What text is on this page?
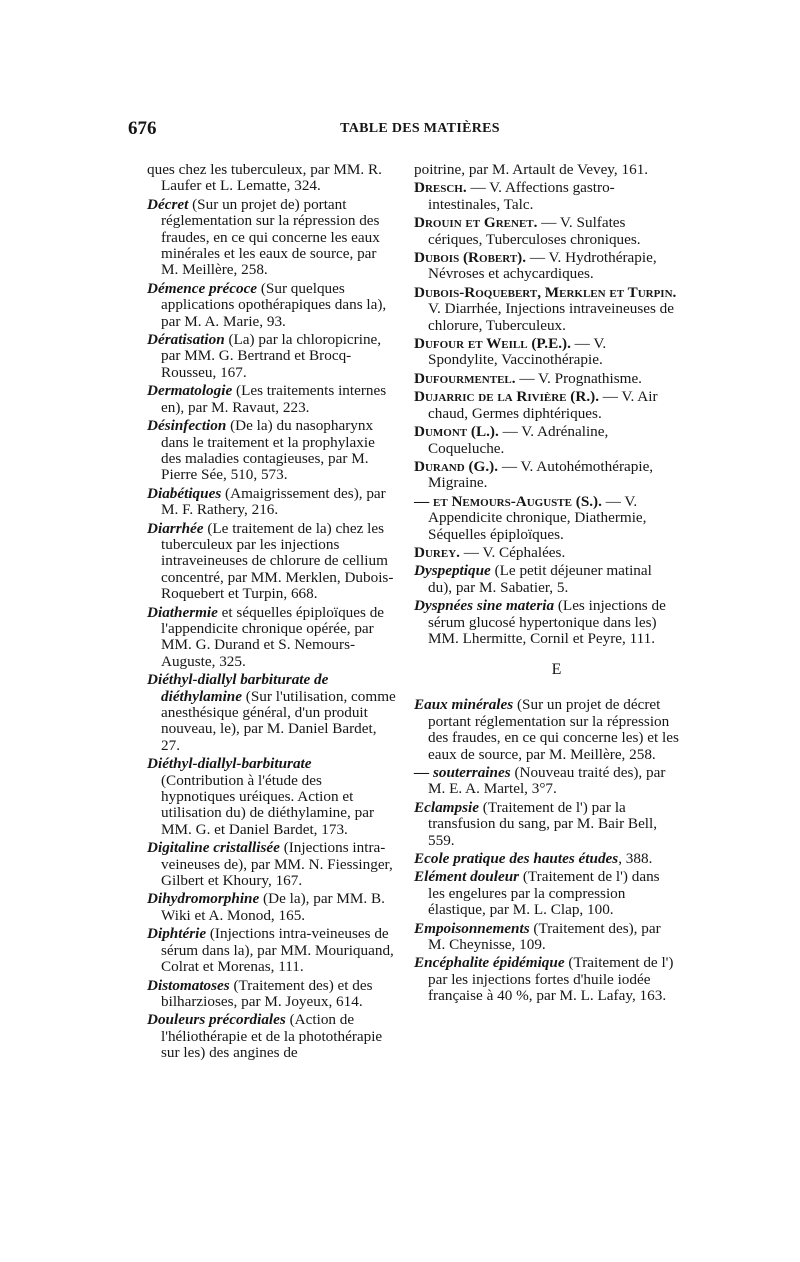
676	TABLE DES MATIÈRES
ques chez les tuberculeux, par MM. R. Laufer et L. Lematte, 324.
Décret (Sur un projet de) portant réglementation sur la répression des fraudes, en ce qui concerne les eaux minérales et les eaux de source, par M. Meillère, 258.
Démence précoce (Sur quelques applications opothérapiques dans la), par M. A. Marie, 93.
Dératisation (La) par la chloropicrine, par MM. G. Bertrand et Brocq-Rousseu, 167.
Dermatologie (Les traitements internes en), par M. Ravaut, 223.
Désinfection (De la) du nasopharynx dans le traitement et la prophylaxie des maladies contagieuses, par M. Pierre Sée, 510, 573.
Diabétiques (Amaigrissement des), par M. F. Rathery, 216.
Diarrhée (Le traitement de la) chez les tuberculeux par les injections intraveineuses de chlorure de cellium concentré, par MM. Merklen, Dubois-Roquebert et Turpin, 668.
Diathermie et séquelles épiploïques de l'appendicite chronique opérée, par MM. G. Durand et S. Nemours-Auguste, 325.
Diéthyl-diallyl barbiturate de diéthylamine (Sur l'utilisation, comme anesthésique général, d'un produit nouveau, le), par M. Daniel Bardet, 27.
Diéthyl-diallyl-barbiturate (Contribution à l'étude des hypnotiques uréiques. Action et utilisation du) de diéthylamine, par MM. G. et Daniel Bardet, 173.
Digitaline cristallisée (Injections intra-veineuses de), par MM. N. Fiessinger, Gilbert et Khoury, 167.
Dihydromorphine (De la), par MM. B. Wiki et A. Monod, 165.
Diphtérie (Injections intra-veineuses de sérum dans la), par MM. Mouriquand, Colrat et Morenas, 111.
Distomatoses (Traitement des) et des bilharzioses, par M. Joyeux, 614.
Douleurs précordiales (Action de l'héliothérapie et de la photothérapie sur les) des angines de
poitrine, par M. Artault de Vevey, 161.
Dresch. — V. Affections gastro-intestinales, Talc.
Drouin et Grenet. — V. Sulfates cériques, Tuberculoses chroniques.
Dubois (Robert). — V. Hydrothérapie, Névroses et achycardiques.
Dubois-Roquebert, Merklen et Turpin. V. Diarrhée, Injections intraveineuses de chlorure, Tuberculeux.
Dufour et Weill (P.E.). — V. Spondylite, Vaccinothérapie.
Dufourmentel. — V. Prognathisme.
Dujarric de la Rivière (R.). — V. Air chaud, Germes diphtériques.
Dumont (L.). — V. Adrénaline, Coqueluche.
Durand (G.). — V. Autohémothérapie, Migraine.
— et Nemours-Auguste (S.). — V. Appendicite chronique, Diathermie, Séquelles épiploïques.
Durey. — V. Céphalées.
Dyspeptique (Le petit déjeuner matinal du), par M. Sabatier, 5.
Dyspnées sine materia (Les injections de sérum glucosé hypertonique dans les) MM. Lhermitte, Cornil et Peyre, 111.
E
Eaux minérales (Sur un projet de décret portant réglementation sur la répression des fraudes, en ce qui concerne les) et les eaux de source, par M. Meillère, 258.
— souterraines (Nouveau traité des), par M. E. A. Martel, 3°7.
Eclampsie (Traitement de l') par la transfusion du sang, par M. Bair Bell, 559.
Ecole pratique des hautes études, 388.
Elément douleur (Traitement de l') dans les engelures par la compression élastique, par M. L. Clap, 100.
Empoisonnements (Traitement des), par M. Cheynisse, 109.
Encéphalite épidémique (Traitement de l') par les injections fortes d'huile iodée française à 40 %, par M. L. Lafay, 163.
